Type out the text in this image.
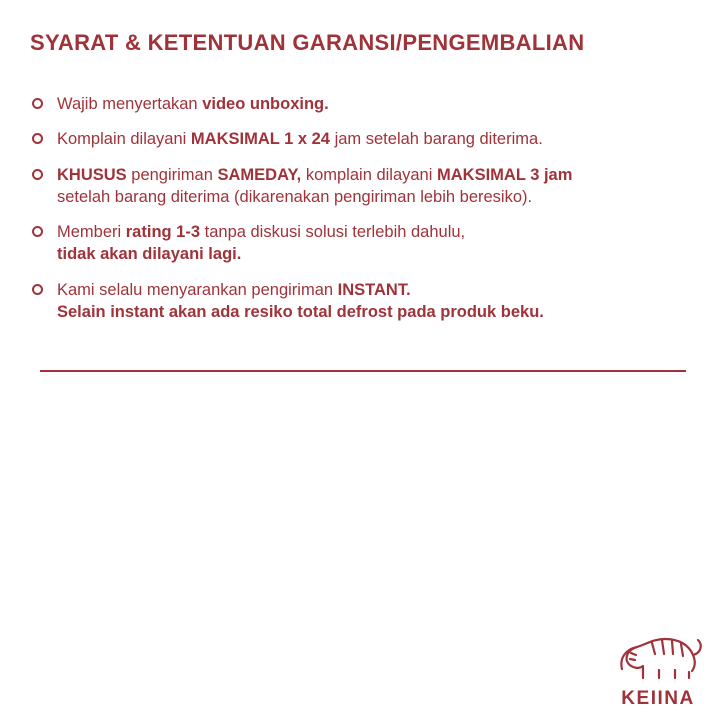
SYARAT & KETENTUAN GARANSI/PENGEMBALIAN
Wajib menyertakan video unboxing.
Komplain dilayani MAKSIMAL 1 x 24 jam setelah barang diterima.
KHUSUS pengiriman SAMEDAY, komplain dilayani MAKSIMAL 3 jam
setelah barang diterima (dikarenakan pengiriman lebih beresiko).
Memberi rating 1-3 tanpa diskusi solusi terlebih dahulu,
tidak akan dilayani lagi.
Kami selalu menyarankan pengiriman INSTANT.
Selain instant akan ada resiko total defrost pada produk beku.
KEIINA
